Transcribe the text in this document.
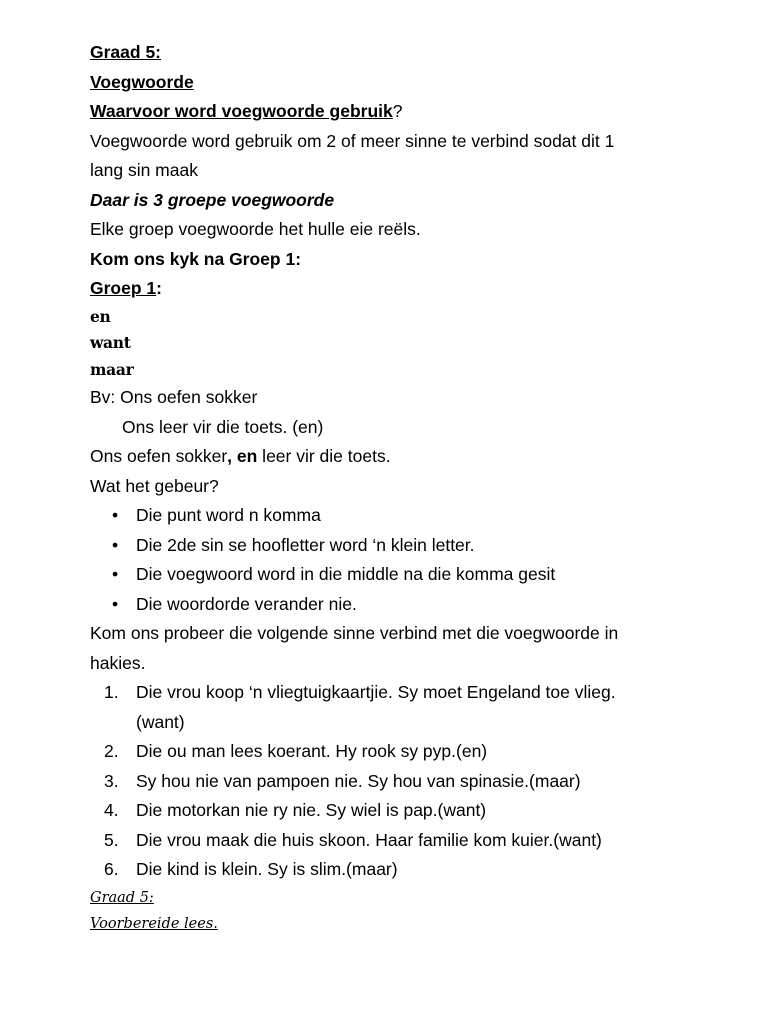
Graad 5:
Voegwoorde
Waarvoor word voegwoorde gebruik?
Voegwoorde word gebruik om 2 of meer sinne te verbind sodat dit 1
lang sin maak
Daar is 3 groepe voegwoorde
Elke groep voegwoorde het hulle eie reëls.
Kom ons kyk na Groep 1:
Groep 1:
en
want
maar
Bv: Ons oefen sokker
Ons leer vir die toets. (en)
Ons oefen sokker, en leer vir die toets.
Wat het gebeur?
• Die punt word n komma
• Die 2de sin se hoofletter word ‘n klein letter.
• Die voegwoord word in die middle na die komma gesit
• Die woordorde verander nie.
Kom ons probeer die volgende sinne verbind met die voegwoorde in
hakies.
1. Die vrou koop ‘n vliegtuigkaartjie. Sy moet Engeland toe vlieg.
(want)
2. Die ou man lees koerant. Hy rook sy pyp.(en)
3. Sy hou nie van pampoen nie. Sy hou van spinasie.(maar)
4. Die motorkan nie ry nie. Sy wiel is pap.(want)
5. Die vrou maak die huis skoon. Haar familie kom kuier.(want)
6. Die kind is klein. Sy is slim.(maar)
Graad 5:
Voorbereide lees.
